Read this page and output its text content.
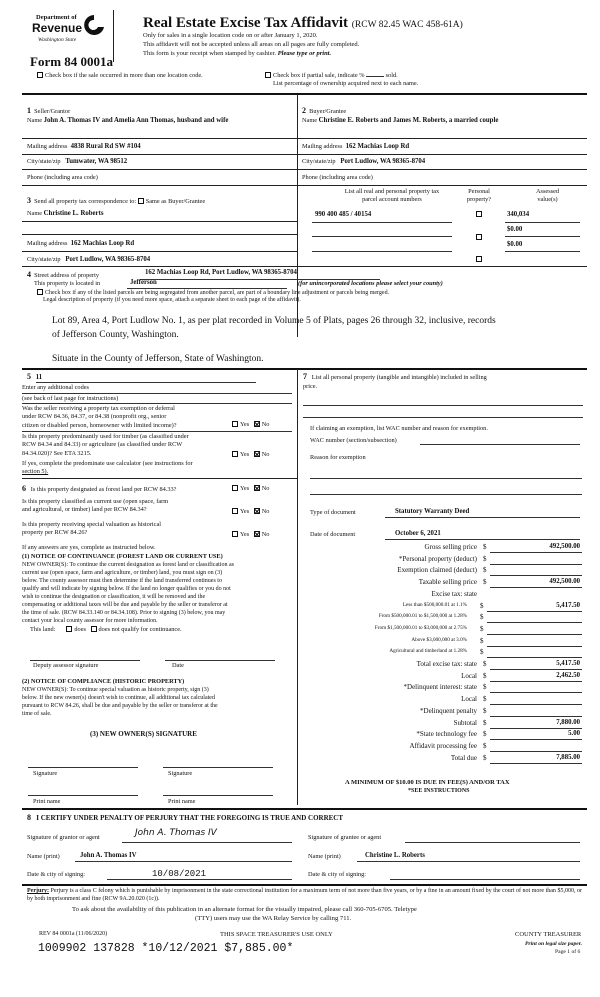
Department of
Revenue
Washington State
Form 84 0001a
Real Estate Excise Tax Affidavit (RCW 82.45 WAC 458-61A)
Only for sales in a single location code on or after January 1, 2020.
This affidavit will not be accepted unless all areas on all pages are fully completed.
This form is your receipt when stamped by cashier. Please type or print.
Check box if the sale occurred in more than one location code.	Check box if partial sale, indicate %	sold.
List percentage of ownership acquired next to each name.
1 Seller/Grantor
Name John A. Thomas IV and Amelia Ann Thomas, husband and wife
Mailing address 4838 Rural Rd SW #104
City/state/zip Tumwater, WA 98512
Phone (including area code)
2 Buyer/Grantee
Name Christine E. Roberts and James M. Roberts, a married couple
Mailing address 162 Machias Loop Rd
City/state/zip Port Ludlow, WA 98365-8704
Phone (including area code)
3 Send all property tax correspondence to: Same as Buyer/Grantee
Name Christine L. Roberts
Mailing address 162 Machias Loop Rd
City/state/zip Port Ludlow, WA 98365-8704
List all real and personal property tax
parcel account numbers
Personal
property?
Assessed
value(s)
990 400 485 / 40154	340,034
$0.00
$0.00
4 Street address of property	162 Machias Loop Rd, Port Ludlow, WA 98365-8704
This property is located in	Jefferson	(for unincorporated locations please select your county)
Check box if any of the listed parcels are being segregated from another parcel, are part of a boundary line adjustment or parcels being merged.
Legal description of property (if you need more space, attach a separate sheet to each page of the affidavit).
Lot 89, Area 4, Port Ludlow No. 1, as per plat recorded in Volume 5 of Plats, pages 26 through 32, inclusive, records
of Jefferson County, Washington.
Situate in the County of Jefferson, State of Washington.
5 11
Enter any additional codes
(see back of last page for instructions)
Was the seller receiving a property tax exemption or deferral
under RCW 84.36, 84.37, or 84.38 (nonprofit org., senior
citizen or disabled person, homeowner with limited income)?	Yes No
Is this property predominantly used for timber (as classified under
RCW 84.34 and 84.33) or agriculture (as classified under RCW
84.34.020)? See ETA 3215.	Yes No
If yes, complete the predominate use calculator (see instructions for
section 5).
6 Is this property designated as forest land per RCW 84.33?	Yes No
Is this property classified as current use (open space, farm
and agricultural, or timber) land per RCW 84.34?	Yes No
Is this property receiving special valuation as historical
property per RCW 84.26?	Yes No
If any answers are yes, complete as instructed below.
(1) NOTICE OF CONTINUANCE (FOREST LAND OR CURRENT USE)
NEW OWNER(S): To continue the current designation as forest land or classification as
current use (open space, farm and agriculture, or timber) land, you must sign on (3)
below. The county assessor must then determine if the land transferred continues to
qualify and will indicate by signing below. If the land no longer qualifies or you do not
wish to continue the designation or classification, it will be removed and the
compensating or additional taxes will be due and payable by the seller or transferor at
the time of sale. (RCW 84.33.140 or 84.34.108). Prior to signing (3) below, you may
contact your local county assessor for more information.
This land:	does does not qualify for continuance.
Deputy assessor signature	Date
(2) NOTICE OF COMPLIANCE (HISTORIC PROPERTY)
NEW OWNER(S): To continue special valuation as historic property, sign (3)
below. If the new owner(s) doesn't wish to continue, all additional tax calculated
pursuant to RCW 84.26, shall be due and payable by the seller or transferor at the
time of sale.
(3) NEW OWNER(S) SIGNATURE
Signature	Signature
Print name	Print name
7 List all personal property (tangible and intangible) included in selling
price.
If claiming an exemption, list WAC number and reason for exemption.
WAC number (section/subsection)
Reason for exemption
Type of document	Statutory Warranty Deed
Date of document	October 6, 2021
Gross selling price $	492,500.00
*Personal property (deduct) $
Exemption claimed (deduct) $
Taxable selling price $	492,500.00
Excise tax: state
Less than $500,000.01 at 1.1% $	5,417.50
From $500,000.01 to $1,500,000 at 1.28% $
From $1,500,000.01 to $3,000,000 at 2.75% $
Above $3,000,000 at 3.0% $
Agricultural and timberland at 1.28% $
Total excise tax: state $	5,417.50
Local $	2,462.50
*Delinquent interest: state $
Local $
*Delinquent penalty $
Subtotal $	7,880.00
*State technology fee $	5.00
Affidavit processing fee $
Total due $	7,885.00
A MINIMUM OF $10.00 IS DUE IN FEE(S) AND/OR TAX
*SEE INSTRUCTIONS
8 I CERTIFY UNDER PENALTY OF PERJURY THAT THE FOREGOING IS TRUE AND CORRECT
Signature of grantor or agent	John A. Thomas IV	Signature of grantee or agent
Name (print)	John A. Thomas IV	Name (print)	Christine L. Roberts
Date & city of signing:	10/08/2021	Date & city of signing:
Perjury: Perjury is a class C felony which is punishable by imprisonment in the state correctional institution for a maximum term of not more than five years, or by a fine in an amount fixed by the court of not more than $5,000, or by both imprisonment and fine (RCW 9A.20.020 (1c)).
To ask about the availability of this publication in an alternate format for the visually impaired, please call 360-705-6705. Teletype
(TTY) users may use the WA Relay Service by calling 711.
REV 84 0001a (11/06/2020)	THIS SPACE TREASURER'S USE ONLY	COUNTY TREASURER
Print on legal size paper.
Page 1 of 6
1009902 137828 *10/12/2021 $7,885.00*
